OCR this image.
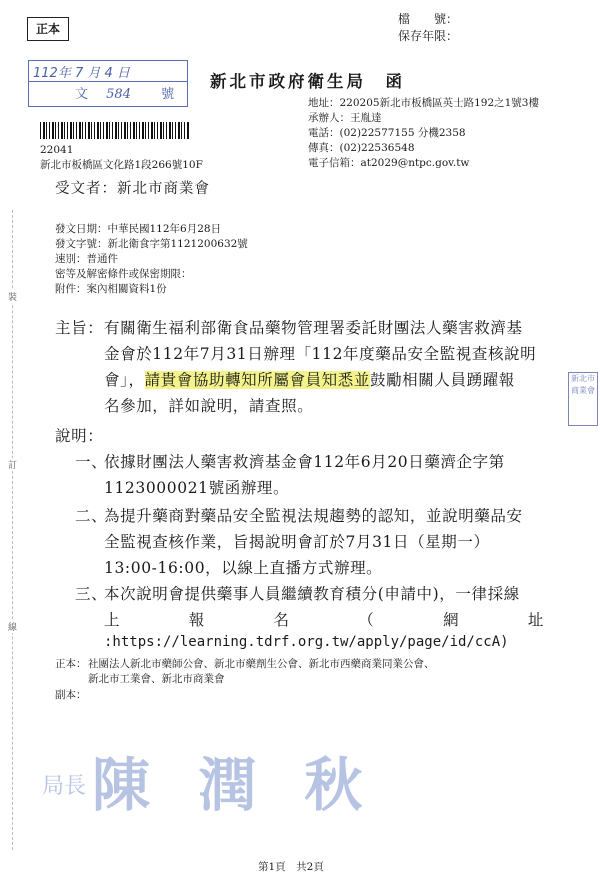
正本
檔　　號：
保存年限：
112年 7 月 4 日
文 584 號
新北市政府衛生局　函
22041
新北市板橋區文化路1段266號10F
地址：220205新北市板橋區英士路192之1號3樓
承辦人：王胤達
電話：(02)22577155 分機2358
傳真：(02)22536548
電子信箱：at2029@ntpc.gov.tw
受文者：新北市商業會
發文日期：中華民國112年6月28日
發文字號：新北衛食字第1121200632號
速別：普通件
密等及解密條件或保密期限：
附件：案內相關資料1份
主旨： 有關衛生福利部衛食品藥物管理署委託財團法人藥害救濟基
金會於112年7月31日辦理「112年度藥品安全監視查核說明
會」，請貴會協助轉知所屬會員知悉並鼓勵相關人員踴躍報
名參加，詳如說明，請查照。
說明：
一、
依據財團法人藥害救濟基金會112年6月20日藥濟企字第
1123000021號函辦理。
二、
為提升藥商對藥品安全監視法規趨勢的認知，並說明藥品安
全監視查核作業，旨揭說明會訂於7月31日（星期一）
13:00-16:00，以線上直播方式辦理。
三、
本次說明會提供藥事人員繼續教育積分(申請中)，一律採線
上	報	名	（	網	址
:https://learning.tdrf.org.tw/apply/page/id/ccA)
正本： 社團法人新北市藥師公會、新北市藥劑生公會、新北市西藥商業同業公會、
新北市工業會、新北市商業會
副本：
裝
訂
線
新北市商業會
局長 陳 潤 秋
第1頁　共2頁
